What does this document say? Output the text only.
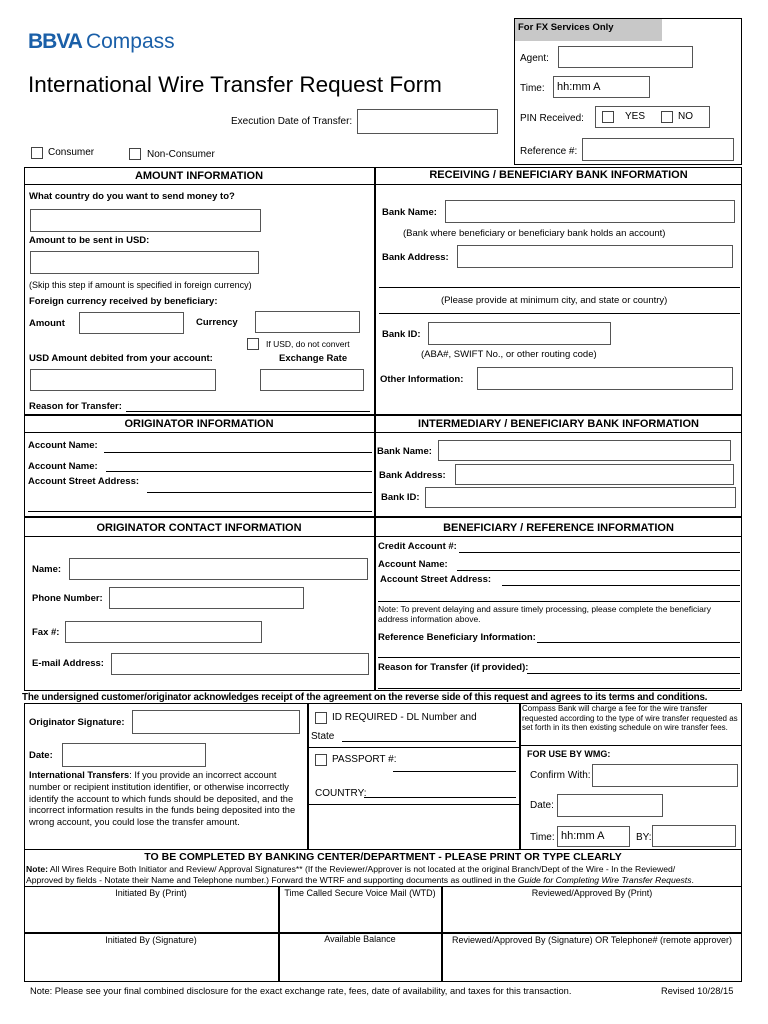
BBVA Compass
International Wire Transfer Request Form
Execution Date of Transfer:
Consumer	Non-Consumer
For FX Services Only
Agent:
Time:	hh:mm A
PIN Received:	YES	NO
Reference #:
AMOUNT INFORMATION	RECEIVING / BENEFICIARY BANK INFORMATION
ORIGINATOR INFORMATION	INTERMEDIARY / BENEFICIARY BANK INFORMATION
ORIGINATOR CONTACT INFORMATION	BENEFICIARY / REFERENCE INFORMATION
What country do you want to send money to?
Amount to be sent in USD:
(Skip this step if amount is specified in foreign currency)
Foreign currency received by beneficiary:
Amount	Currency
If USD, do not convert
USD Amount debited from your account:	Exchange Rate
Reason for Transfer:
Bank Name:
(Bank where beneficiary or beneficiary bank holds an account)
Bank Address:
(Please provide at minimum city, and state or country)
Bank ID:
(ABA#, SWIFT No., or other routing code)
Other Information:
Account Name:
Account Name:
Account Street Address:
Bank Name:
Bank Address:
Bank ID:
Name:
Phone Number:
Fax #:
E-mail Address:
Credit Account #:
Account Name:
Account Street Address:
Note: To prevent delaying and assure timely processing, please complete the beneficiary address information above.
Reference Beneficiary Information:
Reason for Transfer (if provided):
The undersigned customer/originator acknowledges receipt of the agreement on the reverse side of this request and agrees to its terms and conditions.
Originator Signature:
Date:
International Transfers: If you provide an incorrect account number or recipient institution identifier, or otherwise incorrectly identify the account to which funds should be deposited, and the incorrect information results in the funds being deposited into the wrong account, you could lose the transfer amount.
ID REQUIRED - DL Number and
State
PASSPORT #:
COUNTRY:
Compass Bank will charge a fee for the wire transfer requested according to the type of wire transfer requested as set forth in its then existing schedule on wire transfer fees.
FOR USE BY WMG:
Confirm With:
Date:
Time: hh:mm A	BY:
TO BE COMPLETED BY BANKING CENTER/DEPARTMENT - PLEASE PRINT OR TYPE CLEARLY
Note: All Wires Require Both Initiator and Review/ Approval Signatures** (If the Reviewer/Approver is not located at the original Branch/Dept of the Wire - In the Reviewed/
Approved by fields - Notate their Name and Telephone number.) Forward the WTRF and supporting documents as outlined in the Guide for Completing Wire Transfer Requests.
Initiated By (Print)	Time Called Secure Voice Mail (WTD)	Reviewed/Approved By (Print)
Initiated By (Signature)	Available Balance	Reviewed/Approved By (Signature) OR Telephone# (remote approver)
Note: Please see your final combined disclosure for the exact exchange rate, fees, date of availability, and taxes for this transaction.	Revised 10/28/15
